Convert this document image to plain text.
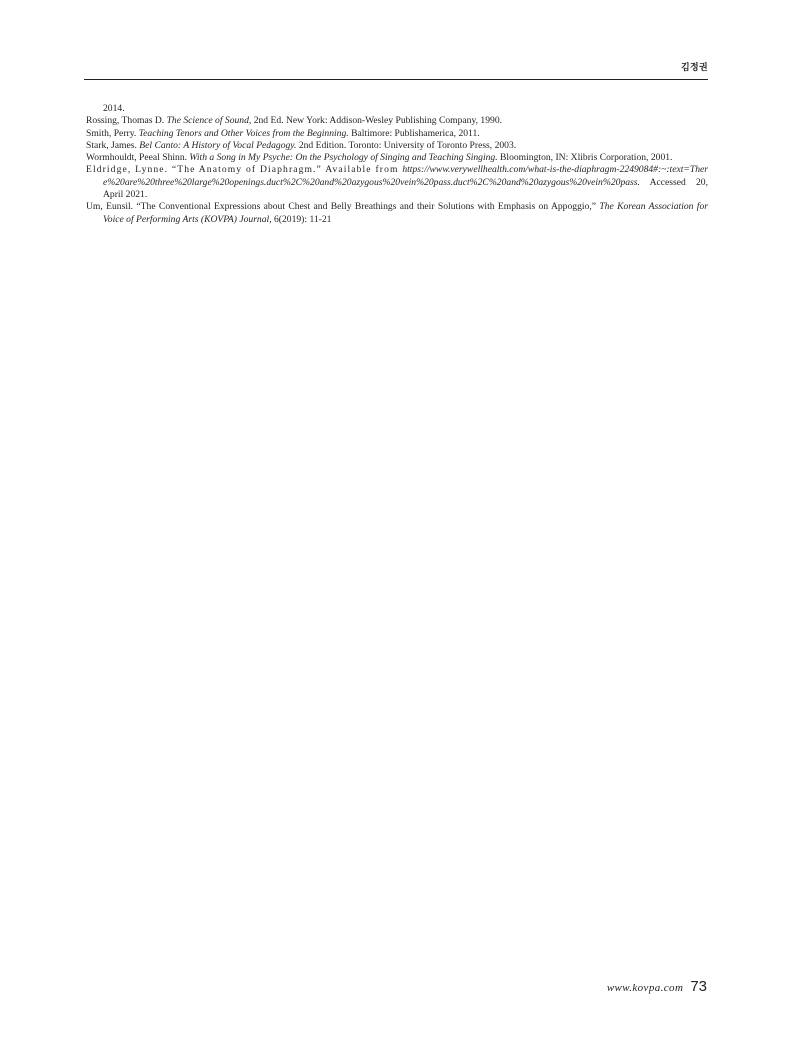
김정권
2014.
Rossing, Thomas D. The Science of Sound, 2nd Ed. New York: Addison-Wesley Publishing Company, 1990.
Smith, Perry. Teaching Tenors and Other Voices from the Beginning. Baltimore: Publishamerica, 2011.
Stark, James. Bel Canto: A History of Vocal Pedagogy. 2nd Edition. Toronto: University of Toronto Press, 2003.
Wormhouldt, Peeal Shinn. With a Song in My Psyche: On the Psychology of Singing and Teaching Singing. Bloomington, IN: Xlibris Corporation, 2001.
Eldridge, Lynne. “The Anatomy of Diaphragm.” Available from https://www.verywellhealth.com/what-is-the-diaphragm-2249084#:~:text=There%20are%20three%20large%20openings.duct%2C%20and%20azygous%20vein%20pass.duct%2C%20and%20azygous%20vein%20pass. Accessed 20, April 2021.
Um, Eunsil. “The Conventional Expressions about Chest and Belly Breathings and their Solutions with Emphasis on Appoggio,” The Korean Association for Voice of Performing Arts (KOVPA) Journal, 6(2019): 11-21
www.kovpa.com 73
